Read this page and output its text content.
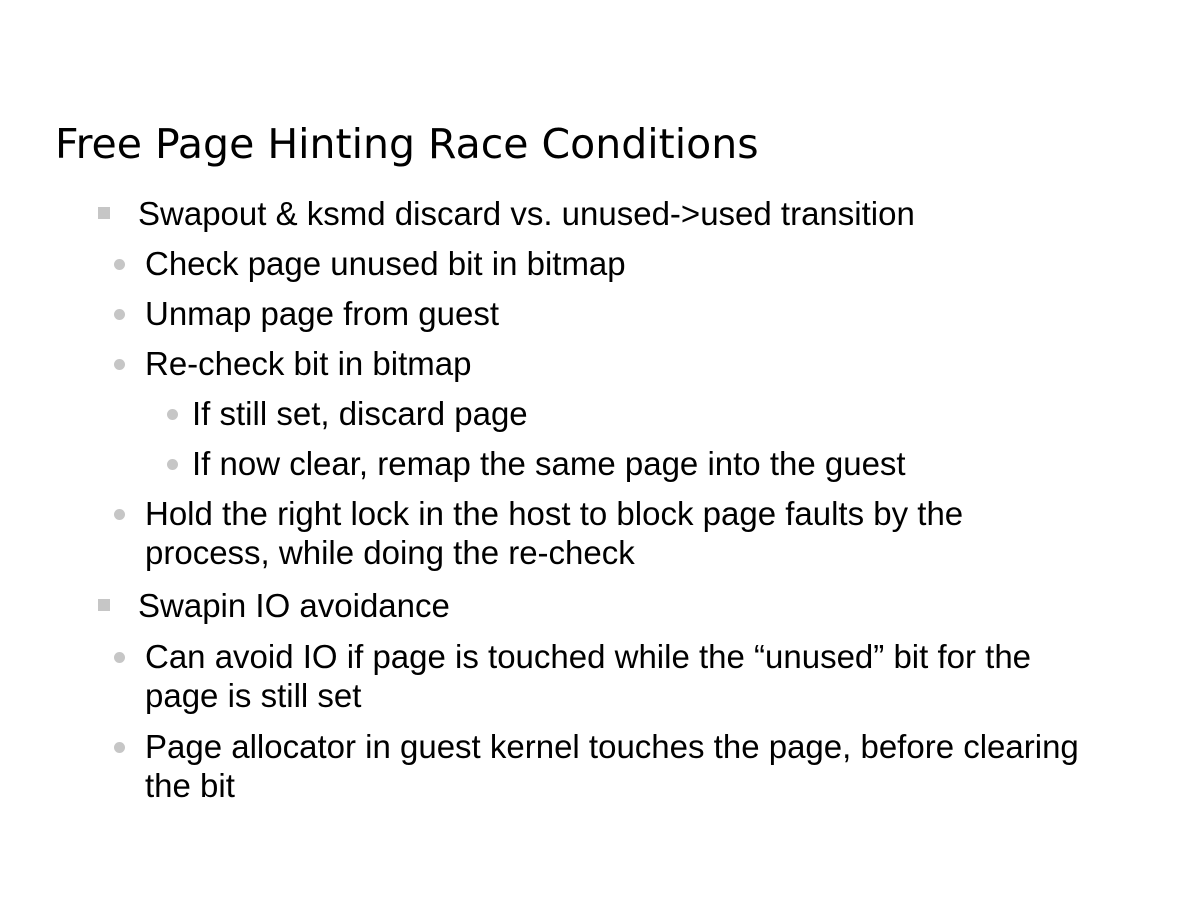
Free Page Hinting Race Conditions
Swapout & ksmd discard vs. unused->used transition
Check page unused bit in bitmap
Unmap page from guest
Re-check bit in bitmap
If still set, discard page
If now clear, remap the same page into the guest
Hold the right lock in the host to block page faults by the process, while doing the re-check
Swapin IO avoidance
Can avoid IO if page is touched while the “unused” bit for the page is still set
Page allocator in guest kernel touches the page, before clearing the bit
